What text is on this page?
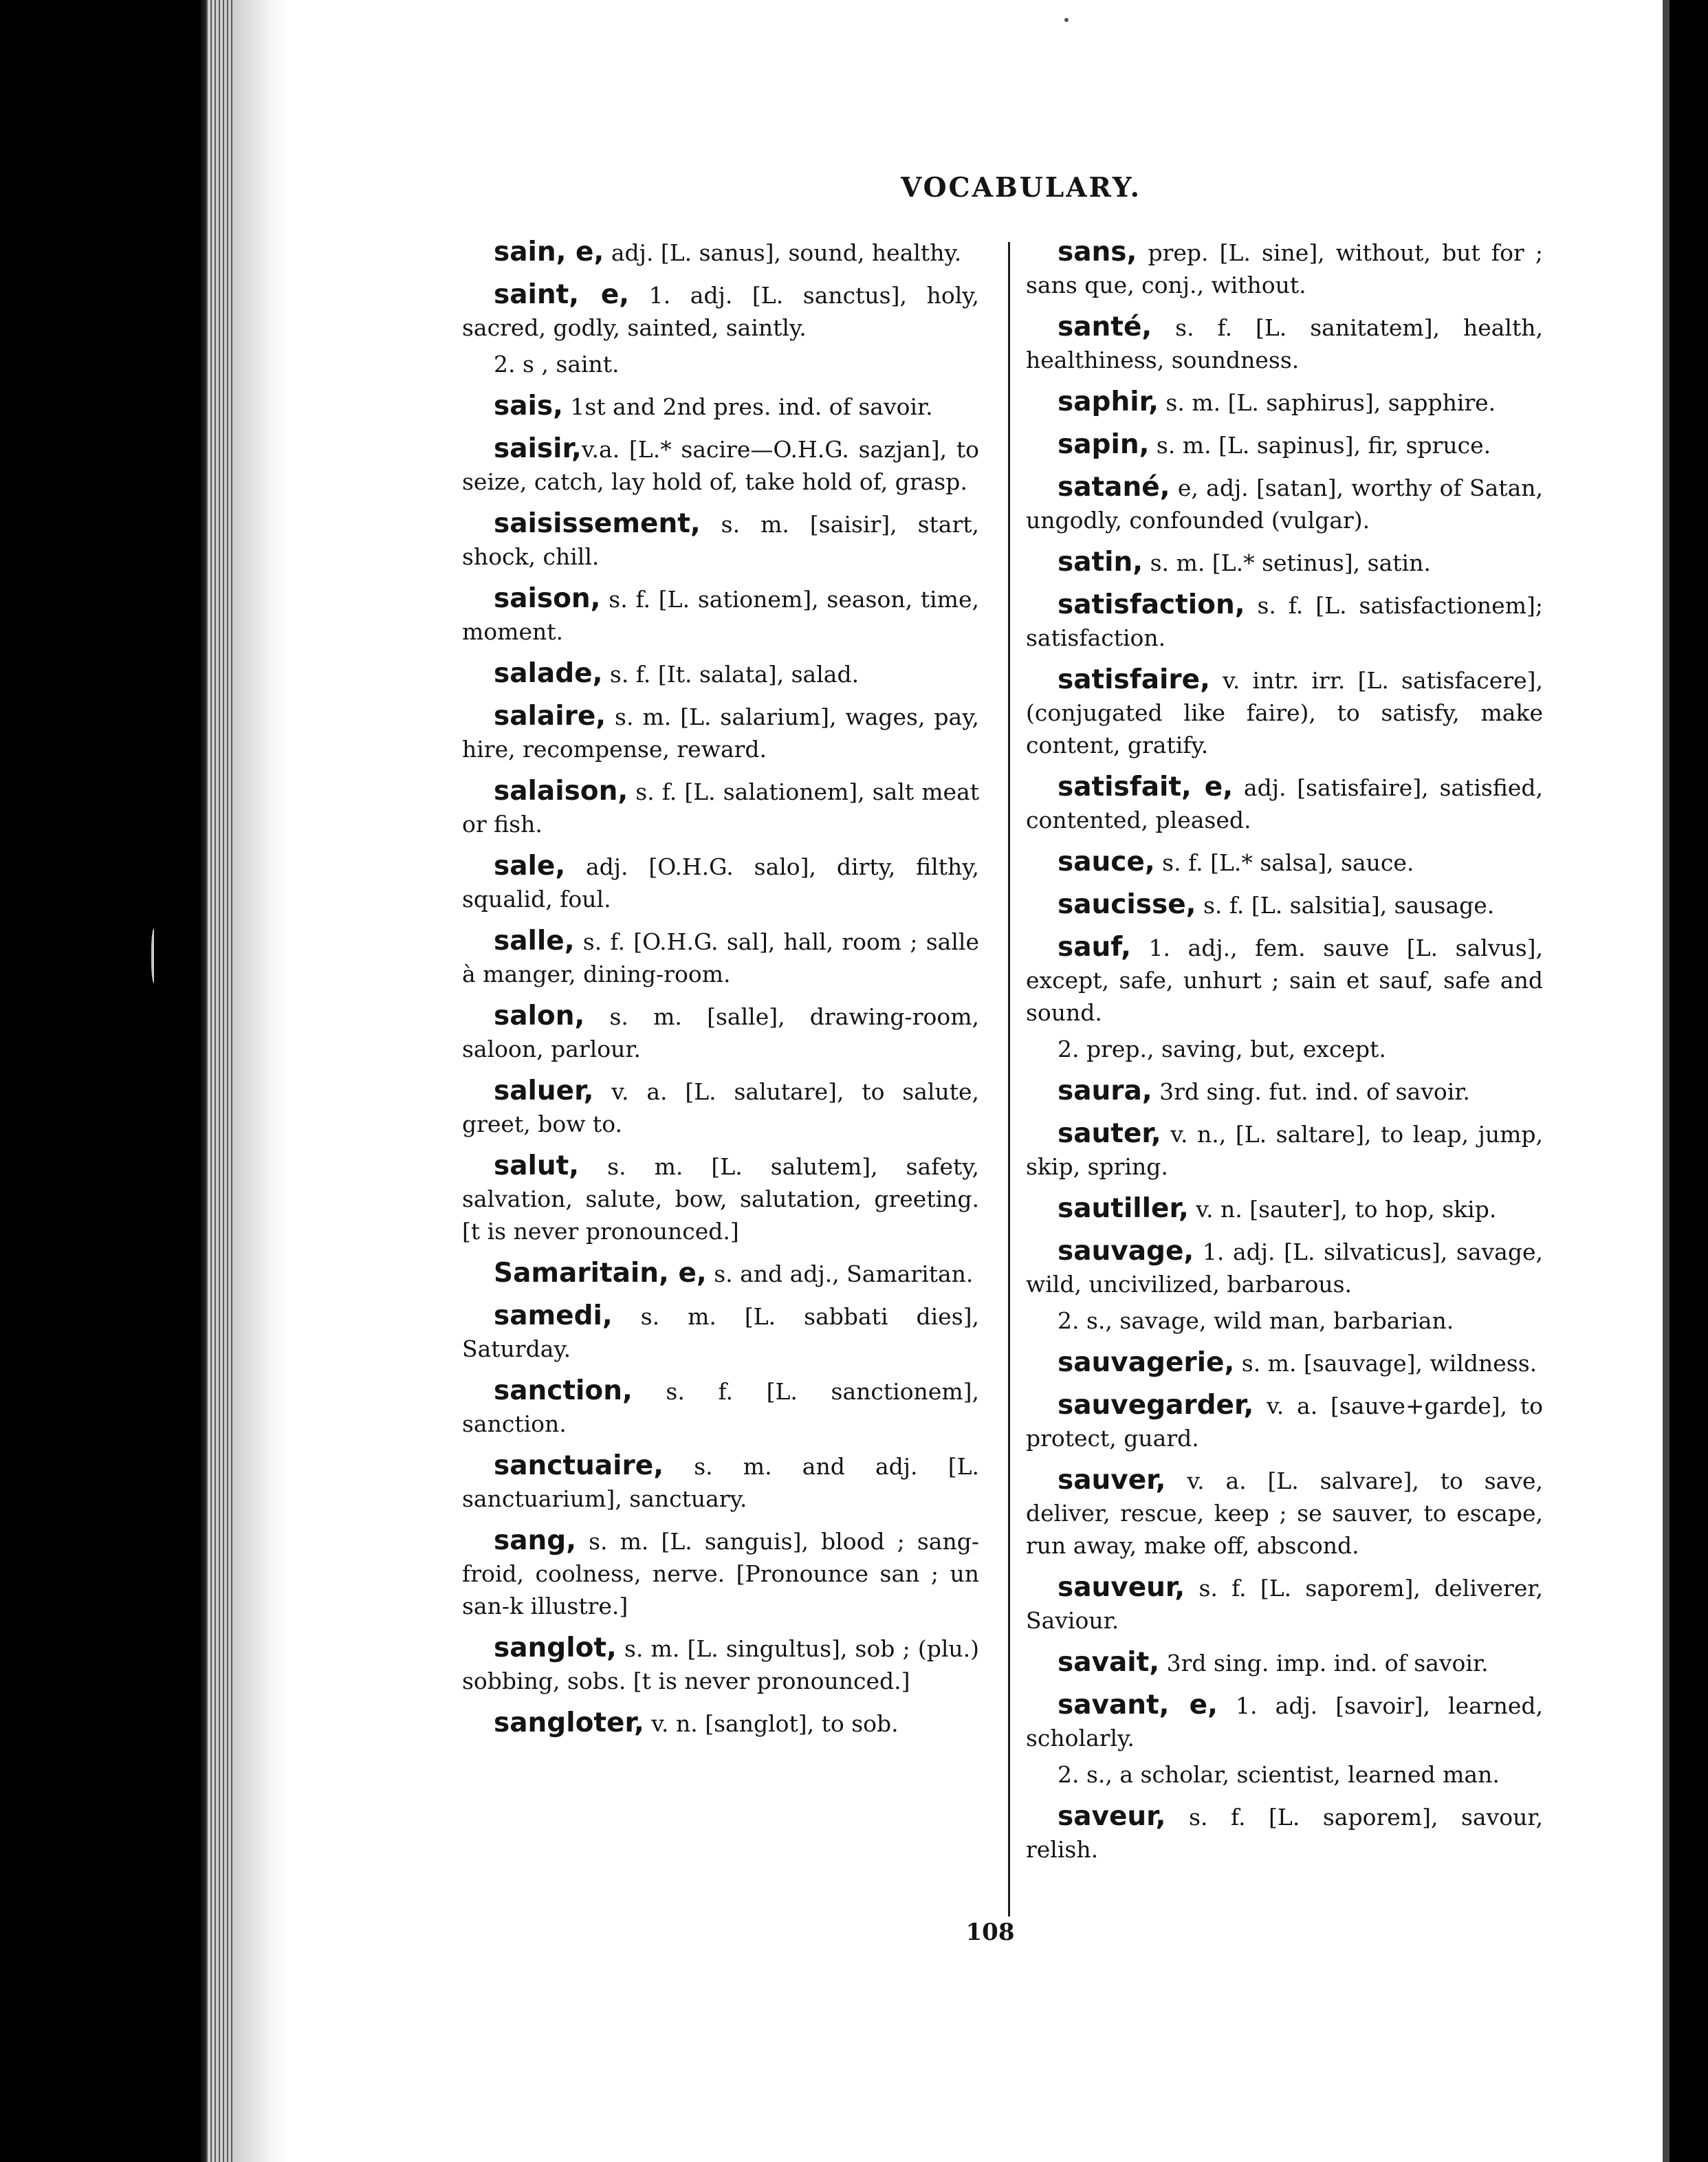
VOCABULARY.

sain, e, adj. [L. sanus], sound, healthy.

saint, e, 1. adj. [L. sanctus], holy, sacred, godly, sainted, saintly.

2. s , saint.

sais, 1st and 2nd pres. ind. of savoir.

saisir,v.a. [L.* sacire—O.H.G. sazjan], to seize, catch, lay hold of, take hold of, grasp.

saisissement, s. m. [saisir], start, shock, chill.

saison, s. f. [L. sationem], season, time, moment.

salade, s. f. [It. salata], salad.

salaire, s. m. [L. salarium], wages, pay, hire, recompense, reward.

salaison, s. f. [L. salationem], salt meat or fish.

sale, adj. [O.H.G. salo], dirty, filthy, squalid, foul.

salle, s. f. [O.H.G. sal], hall, room ; salle à manger, dining-room.

salon, s. m. [salle], drawing-room, saloon, parlour.

saluer, v. a. [L. salutare], to salute, greet, bow to.

salut, s. m. [L. salutem], safety, salvation, salute, bow, salutation, greeting. [t is never pronounced.]

Samaritain, e, s. and adj., Samaritan.

samedi, s. m. [L. sabbati dies], Saturday.

sanction, s. f. [L. sanctionem], sanction.

sanctuaire, s. m. and adj. [L. sanctuarium], sanctuary.

sang, s. m. [L. sanguis], blood ; sang-froid, coolness, nerve. [Pronounce san ; un san-k illustre.]

sanglot, s. m. [L. singultus], sob ; (plu.) sobbing, sobs. [t is never pronounced.]

sangloter, v. n. [sanglot], to sob.

sans, prep. [L. sine], without, but for ; sans que, conj., without.

santé, s. f. [L. sanitatem], health, healthiness, soundness.

saphir, s. m. [L. saphirus], sapphire.

sapin, s. m. [L. sapinus], fir, spruce.

satané, e, adj. [satan], worthy of Satan, ungodly, confounded (vulgar).

satin, s. m. [L.* setinus], satin.

satisfaction, s. f. [L. satisfactionem]; satisfaction.

satisfaire, v. intr. irr. [L. satisfacere], (conjugated like faire), to satisfy, make content, gratify.

satisfait, e, adj. [satisfaire], satisfied, contented, pleased.

sauce, s. f. [L.* salsa], sauce.

saucisse, s. f. [L. salsitia], sausage.

sauf, 1. adj., fem. sauve [L. salvus], except, safe, unhurt ; sain et sauf, safe and sound.

2. prep., saving, but, except.

saura, 3rd sing. fut. ind. of savoir.

sauter, v. n., [L. saltare], to leap, jump, skip, spring.

sautiller, v. n. [sauter], to hop, skip.

sauvage, 1. adj. [L. silvaticus], savage, wild, uncivilized, barbarous.

2. s., savage, wild man, barbarian.

sauvagerie, s. m. [sauvage], wildness.

sauvegarder, v. a. [sauve+garde], to protect, guard.

sauver, v. a. [L. salvare], to save, deliver, rescue, keep ; se sauver, to escape, run away, make off, abscond.

sauveur, s. f. [L. saporem], deliverer, Saviour.

savait, 3rd sing. imp. ind. of savoir.

savant, e, 1. adj. [savoir], learned, scholarly.

2. s., a scholar, scientist, learned man.

saveur, s. f. [L. saporem], savour, relish.

108
